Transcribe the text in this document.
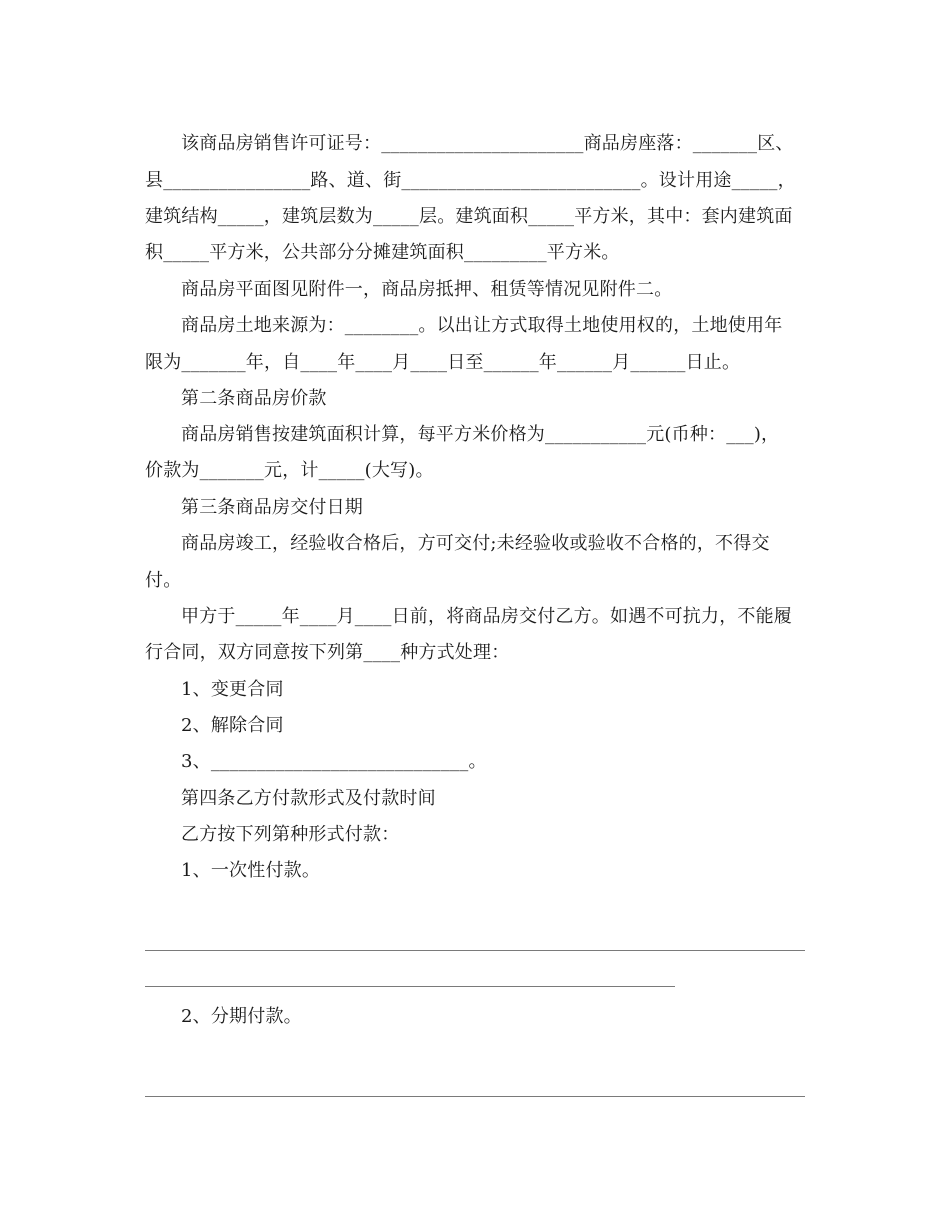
该商品房销售许可证号：______________________商品房座落：_______区、
县________________路、道、街__________________________。设计用途_____，
建筑结构_____，建筑层数为_____层。建筑面积_____平方米，其中：套内建筑面
积_____平方米，公共部分分摊建筑面积_________平方米。
商品房平面图见附件一，商品房抵押、租赁等情况见附件二。
商品房土地来源为：________。以出让方式取得土地使用权的，土地使用年
限为_______年，自____年____月____日至______年______月______日止。
第二条商品房价款
商品房销售按建筑面积计算，每平方米价格为___________元(币种：___)，
价款为_______元，计_____(大写)。
第三条商品房交付日期
商品房竣工，经验收合格后，方可交付;未经验收或验收不合格的，不得交
付。
甲方于_____年____月____日前，将商品房交付乙方。如遇不可抗力，不能履
行合同，双方同意按下列第____种方式处理：
1、变更合同
2、解除合同
3、____________________________。
第四条乙方付款形式及付款时间
乙方按下列第种形式付款：
1、一次性付款。
2、分期付款。
